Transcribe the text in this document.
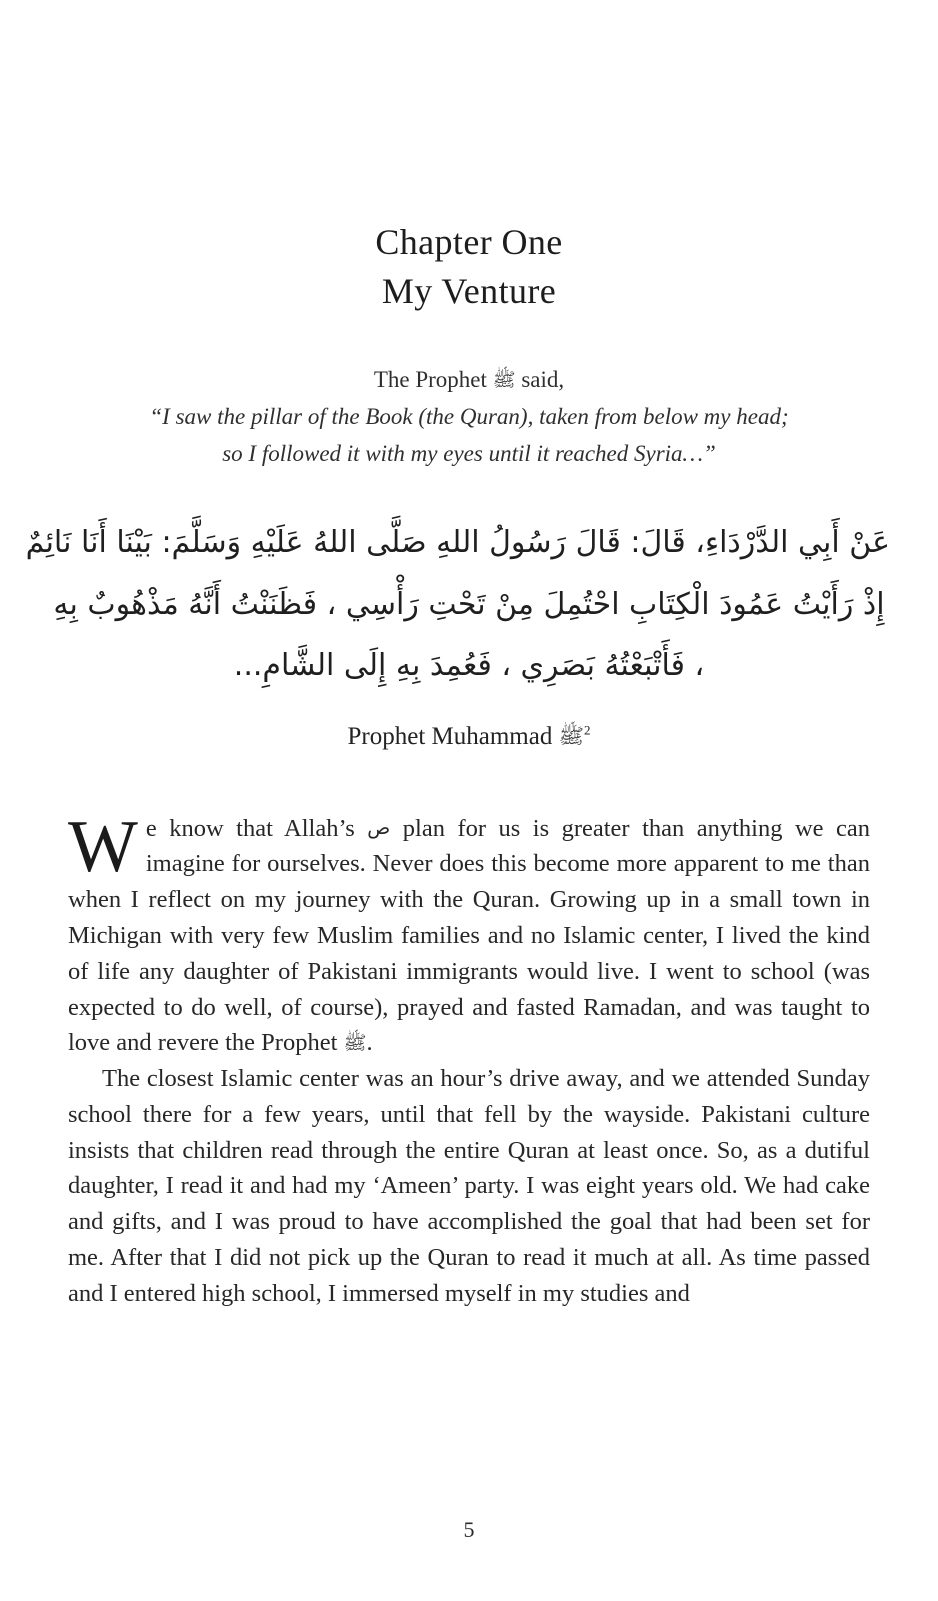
Chapter One
My Venture
The Prophet ﷺ said,
“I saw the pillar of the Book (the Quran), taken from below my head;
so I followed it with my eyes until it reached Syria…”
عَنْ أَبِي الدَّرْدَاءِ، قَالَ: قَالَ رَسُولُ اللهِ صَلَّى اللهُ عَلَيْهِ وَسَلَّمَ: بَيْنَا أَنَا نَائِمٌ
إِذْ رَأَيْتُ عَمُودَ الْكِتَابِ احْتُمِلَ مِنْ تَحْتِ رَأْسِي ، فَظَنَنْتُ أَنَّهُ مَذْهُوبٌ بِهِ
، فَأَتْبَعْتُهُ بَصَرِي ، فَعُمِدَ بِهِ إِلَى الشَّامِ...
Prophet Muhammad ﷺ$^2$

We know that Allah’s ص plan for us is greater than anything we can imagine for ourselves. Never does this become more apparent to me than when I reflect on my journey with the Quran. Growing up in a small town in Michigan with very few Muslim families and no Islamic center, I lived the kind of life any daughter of Pakistani immigrants would live. I went to school (was expected to do well, of course), prayed and fasted Ramadan, and was taught to love and revere the Prophet ﷺ.

The closest Islamic center was an hour’s drive away, and we attended Sunday school there for a few years, until that fell by the wayside. Pakistani culture insists that children read through the entire Quran at least once. So, as a dutiful daughter, I read it and had my ‘Ameen’ party. I was eight years old. We had cake and gifts, and I was proud to have accomplished the goal that had been set for me. After that I did not pick up the Quran to read it much at all. As time passed and I entered high school, I immersed myself in my studies and

5
